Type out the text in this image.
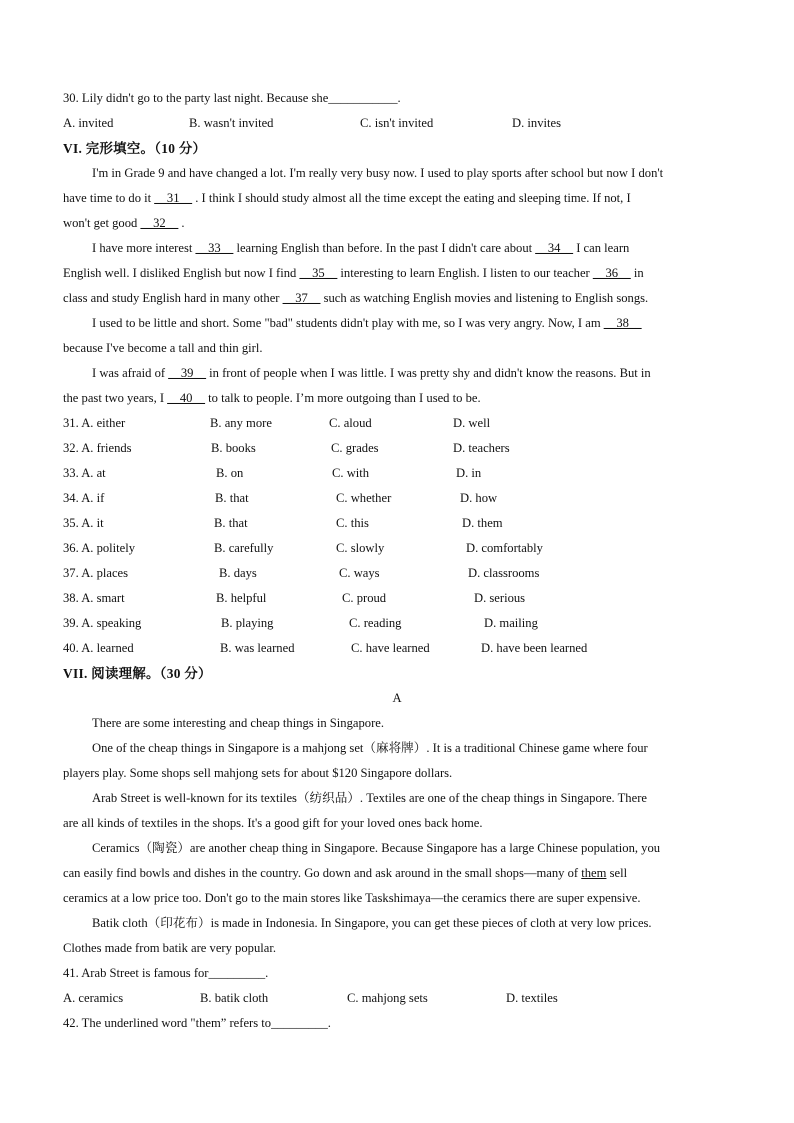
30. Lily didn't go to the party last night. Because she___________.
A. invited	B. wasn't invited	C. isn't invited	D. invites
VI. 完形填空。（10 分）
I'm in Grade 9 and have changed a lot. I'm really very busy now. I used to play sports after school but now I don't
have time to do it __31__ . I think I should study almost all the time except the eating and sleeping time. If not, I
won't get good __32__ .
I have more interest __33__ learning English than before. In the past I didn't care about __34__ I can learn
English well. I disliked English but now I find __35__ interesting to learn English. I listen to our teacher __36__ in
class and study English hard in many other __37__ such as watching English movies and listening to English songs.
I used to be little and short. Some "bad" students didn't play with me, so I was very angry. Now, I am __38__
because I've become a tall and thin girl.
I was afraid of __39__ in front of people when I was little. I was pretty shy and didn't know the reasons. But in
the past two years, I __40__ to talk to people. I’m more outgoing than I used to be.
31. A. either	B. any more	C. aloud	D. well
32. A. friends	B. books	C. grades	D. teachers
33. A. at	B. on	C. with	D. in
34. A. if	B. that	C. whether	D. how
35. A. it	B. that	C. this	D. them
36. A. politely	B. carefully	C. slowly	D. comfortably
37. A. places	B. days	C. ways	D. classrooms
38. A. smart	B. helpful	C. proud	D. serious
39. A. speaking	B. playing	C. reading	D. mailing
40. A. learned	B. was learned	C. have learned	D. have been learned
VII. 阅读理解。（30 分）
A
There are some interesting and cheap things in Singapore.
One of the cheap things in Singapore is a mahjong set（麻将牌）. It is a traditional Chinese game where four
players play. Some shops sell mahjong sets for about $120 Singapore dollars.
Arab Street is well-known for its textiles（纺织品）. Textiles are one of the cheap things in Singapore. There
are all kinds of textiles in the shops. It's a good gift for your loved ones back home.
Ceramics（陶瓷）are another cheap thing in Singapore. Because Singapore has a large Chinese population, you
can easily find bowls and dishes in the country. Go down and ask around in the small shops—many of them sell
ceramics at a low price too. Don't go to the main stores like Taskshimaya—the ceramics there are super expensive.
Batik cloth（印花布）is made in Indonesia. In Singapore, you can get these pieces of cloth at very low prices.
Clothes made from batik are very popular.
41. Arab Street is famous for_________.
A. ceramics	B. batik cloth	C. mahjong sets	D. textiles
42. The underlined word "them” refers to_________.
